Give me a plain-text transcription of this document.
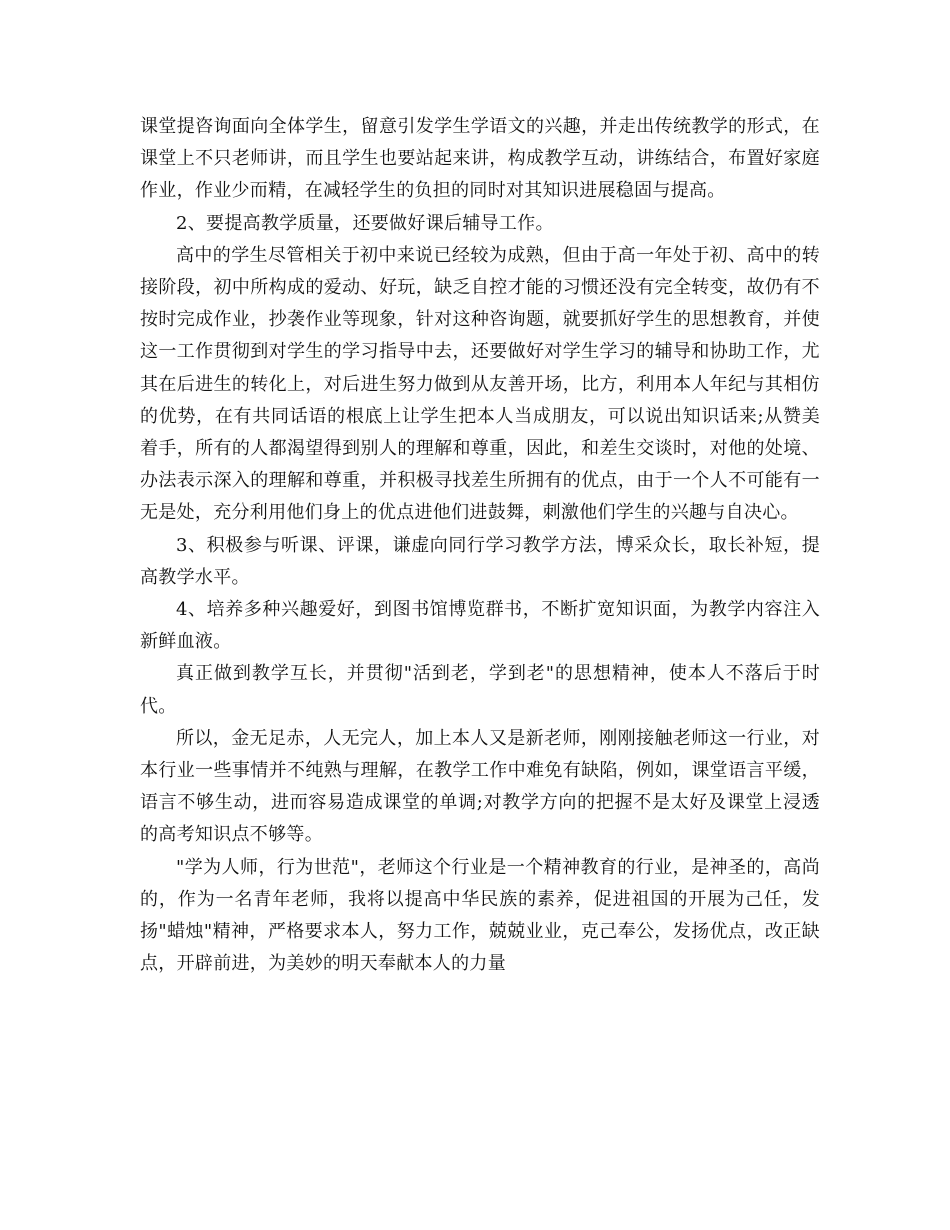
课堂提咨询面向全体学生，留意引发学生学语文的兴趣，并走出传统教学的形式，在课堂上不只老师讲，而且学生也要站起来讲，构成教学互动，讲练结合，布置好家庭作业，作业少而精，在减轻学生的负担的同时对其知识进展稳固与提高。

2、要提高教学质量，还要做好课后辅导工作。

高中的学生尽管相关于初中来说已经较为成熟，但由于高一年处于初、高中的转接阶段，初中所构成的爱动、好玩，缺乏自控才能的习惯还没有完全转变，故仍有不按时完成作业，抄袭作业等现象，针对这种咨询题，就要抓好学生的思想教育，并使这一工作贯彻到对学生的学习指导中去，还要做好对学生学习的辅导和协助工作，尤其在后进生的转化上，对后进生努力做到从友善开场，比方，利用本人年纪与其相仿的优势，在有共同话语的根底上让学生把本人当成朋友，可以说出知识话来;从赞美着手，所有的人都渴望得到别人的理解和尊重，因此，和差生交谈时，对他的处境、办法表示深入的理解和尊重，并积极寻找差生所拥有的优点，由于一个人不可能有一无是处，充分利用他们身上的优点进他们进鼓舞，刺激他们学生的兴趣与自决心。

3、积极参与听课、评课，谦虚向同行学习教学方法，博采众长，取长补短，提高教学水平。

4、培养多种兴趣爱好，到图书馆博览群书，不断扩宽知识面，为教学内容注入新鲜血液。

真正做到教学互长，并贯彻"活到老，学到老"的思想精神，使本人不落后于时代。

所以，金无足赤，人无完人，加上本人又是新老师，刚刚接触老师这一行业，对本行业一些事情并不纯熟与理解，在教学工作中难免有缺陷，例如，课堂语言平缓，语言不够生动，进而容易造成课堂的单调;对教学方向的把握不是太好及课堂上浸透的高考知识点不够等。

"学为人师，行为世范"，老师这个行业是一个精神教育的行业，是神圣的，高尚的，作为一名青年老师，我将以提高中华民族的素养，促进祖国的开展为己任，发扬"蜡烛"精神，严格要求本人，努力工作，兢兢业业，克己奉公，发扬优点，改正缺点，开辟前进，为美妙的明天奉献本人的力量
